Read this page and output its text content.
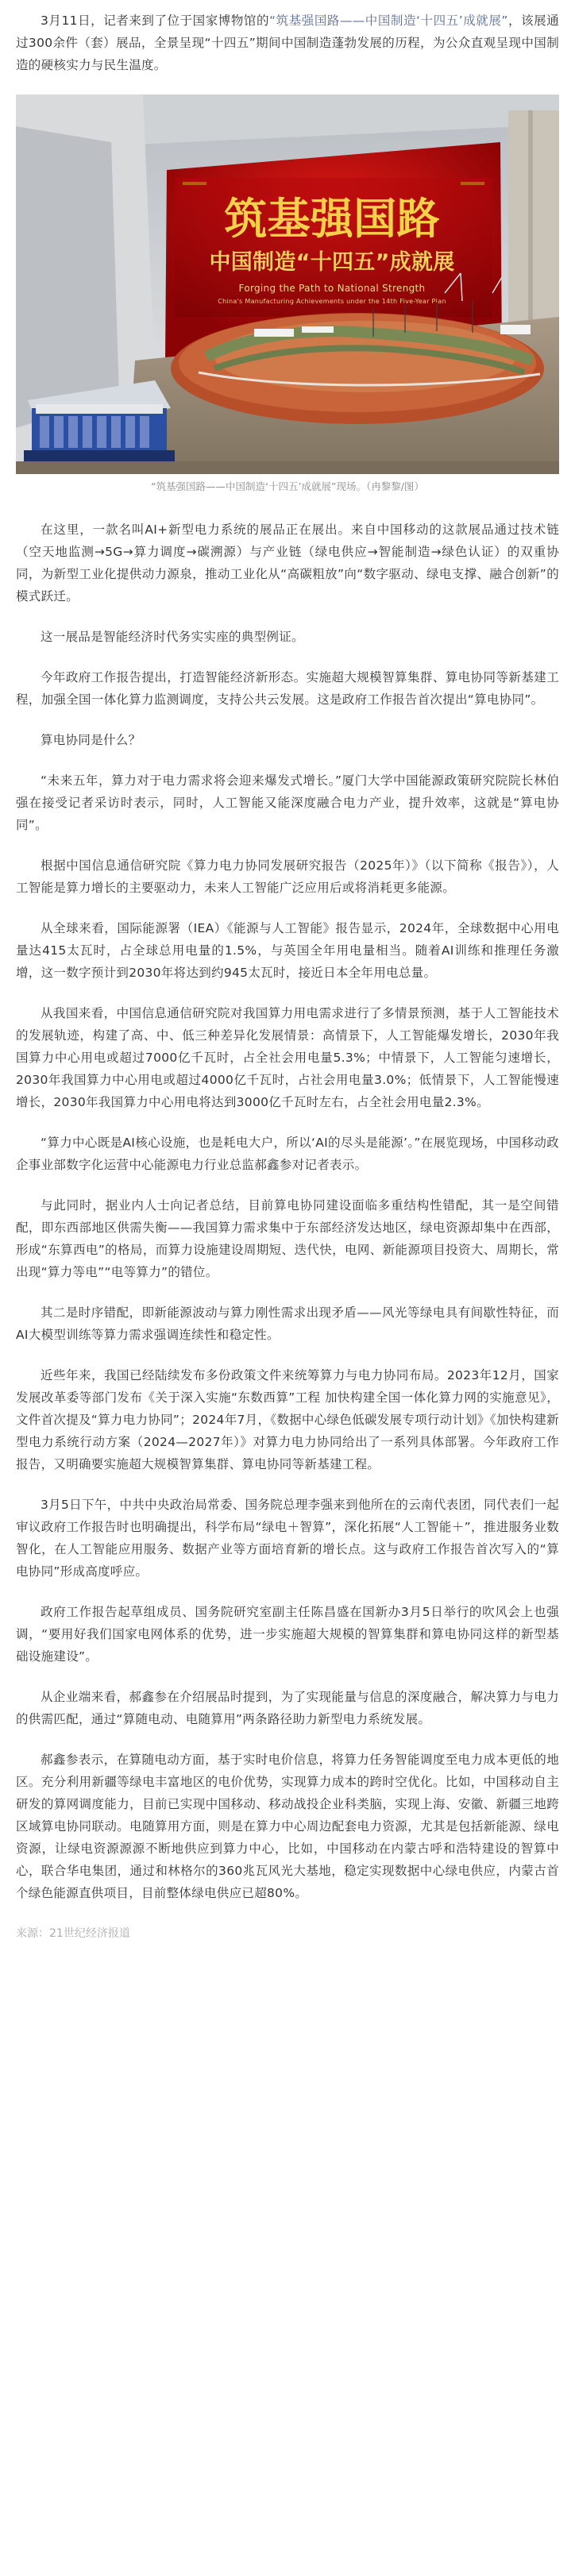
3月11日，记者来到了位于国家博物馆的“筑基强国路——中国制造‘十四五’成就展”，该展通过300余件（套）展品，全景呈现“十四五”期间中国制造蓬勃发展的历程，为公众直观呈现中国制造的硬核实力与民生温度。

筑基强国路
中国制造“十四五”成就展
Forging the Path to National Strength
China's Manufacturing Achievements under the 14th Five-Year Plan

“筑基强国路——中国制造‘十四五’成就展”现场。（冉黎黎/图）

在这里，一款名叫AI+新型电力系统的展品正在展出。来自中国移动的这款展品通过技术链（空天地监测→5G→算力调度→碳溯源）与产业链（绿电供应→智能制造→绿色认证）的双重协同，为新型工业化提供动力源泉，推动工业化从“高碳粗放”向“数字驱动、绿电支撑、融合创新”的模式跃迁。

这一展品是智能经济时代务实实座的典型例证。

今年政府工作报告提出，打造智能经济新形态。实施超大规模智算集群、算电协同等新基建工程，加强全国一体化算力监测调度，支持公共云发展。这是政府工作报告首次提出“算电协同”。

算电协同是什么？

“未来五年，算力对于电力需求将会迎来爆发式增长。”厦门大学中国能源政策研究院院长林伯强在接受记者采访时表示，同时，人工智能又能深度融合电力产业，提升效率，这就是“算电协同”。

根据中国信息通信研究院《算力电力协同发展研究报告（2025年）》（以下简称《报告》），人工智能是算力增长的主要驱动力，未来人工智能广泛应用后或将消耗更多能源。

从全球来看，国际能源署（IEA）《能源与人工智能》报告显示，2024年，全球数据中心用电量达415太瓦时，占全球总用电量的1.5%，与英国全年用电量相当。随着AI训练和推理任务激增，这一数字预计到2030年将达到约945太瓦时，接近日本全年用电总量。

从我国来看，中国信息通信研究院对我国算力用电需求进行了多情景预测，基于人工智能技术的发展轨迹，构建了高、中、低三种差异化发展情景：高情景下，人工智能爆发增长，2030年我国算力中心用电或超过7000亿千瓦时，占全社会用电量5.3%；中情景下，人工智能匀速增长，2030年我国算力中心用电或超过4000亿千瓦时，占社会用电量3.0%；低情景下，人工智能慢速增长，2030年我国算力中心用电将达到3000亿千瓦时左右，占全社会用电量2.3%。

“算力中心既是AI核心设施，也是耗电大户，所以‘AI的尽头是能源’。”在展览现场，中国移动政企事业部数字化运营中心能源电力行业总监郝鑫参对记者表示。

与此同时，据业内人士向记者总结，目前算电协同建设面临多重结构性错配，其一是空间错配，即东西部地区供需失衡——我国算力需求集中于东部经济发达地区，绿电资源却集中在西部，形成“东算西电”的格局，而算力设施建设周期短、迭代快，电网、新能源项目投资大、周期长，常出现“算力等电”“电等算力”的错位。

其二是时序错配，即新能源波动与算力刚性需求出现矛盾——风光等绿电具有间歇性特征，而AI大模型训练等算力需求强调连续性和稳定性。

近些年来，我国已经陆续发布多份政策文件来统筹算力与电力协同布局。2023年12月，国家发展改革委等部门发布《关于深入实施“东数西算”工程 加快构建全国一体化算力网的实施意见》，文件首次提及“算力电力协同”；2024年7月，《数据中心绿色低碳发展专项行动计划》《加快构建新型电力系统行动方案（2024—2027年）》对算力电力协同给出了一系列具体部署。今年政府工作报告，又明确要实施超大规模智算集群、算电协同等新基建工程。

3月5日下午，中共中央政治局常委、国务院总理李强来到他所在的云南代表团，同代表们一起审议政府工作报告时也明确提出，科学布局“绿电＋智算”，深化拓展“人工智能＋”，推进服务业数智化，在人工智能应用服务、数据产业等方面培育新的增长点。这与政府工作报告首次写入的“算电协同”形成高度呼应。

政府工作报告起草组成员、国务院研究室副主任陈昌盛在国新办3月5日举行的吹风会上也强调，“要用好我们国家电网体系的优势，进一步实施超大规模的智算集群和算电协同这样的新型基础设施建设”。

从企业端来看，郝鑫参在介绍展品时提到，为了实现能量与信息的深度融合，解决算力与电力的供需匹配，通过“算随电动、电随算用”两条路径助力新型电力系统发展。

郝鑫参表示，在算随电动方面，基于实时电价信息，将算力任务智能调度至电力成本更低的地区。充分利用新疆等绿电丰富地区的电价优势，实现算力成本的跨时空优化。比如，中国移动自主研发的算网调度能力，目前已实现中国移动、移动战投企业科类脑，实现上海、安徽、新疆三地跨区域算电协同联动。电随算用方面，则是在算力中心周边配套电力资源，尤其是包括新能源、绿电资源，让绿电资源源源不断地供应到算力中心，比如，中国移动在内蒙古呼和浩特建设的智算中心，联合华电集团，通过和林格尔的360兆瓦风光大基地，稳定实现数据中心绿电供应，内蒙古首个绿色能源直供项目，目前整体绿电供应已超80%。

来源：21世纪经济报道
